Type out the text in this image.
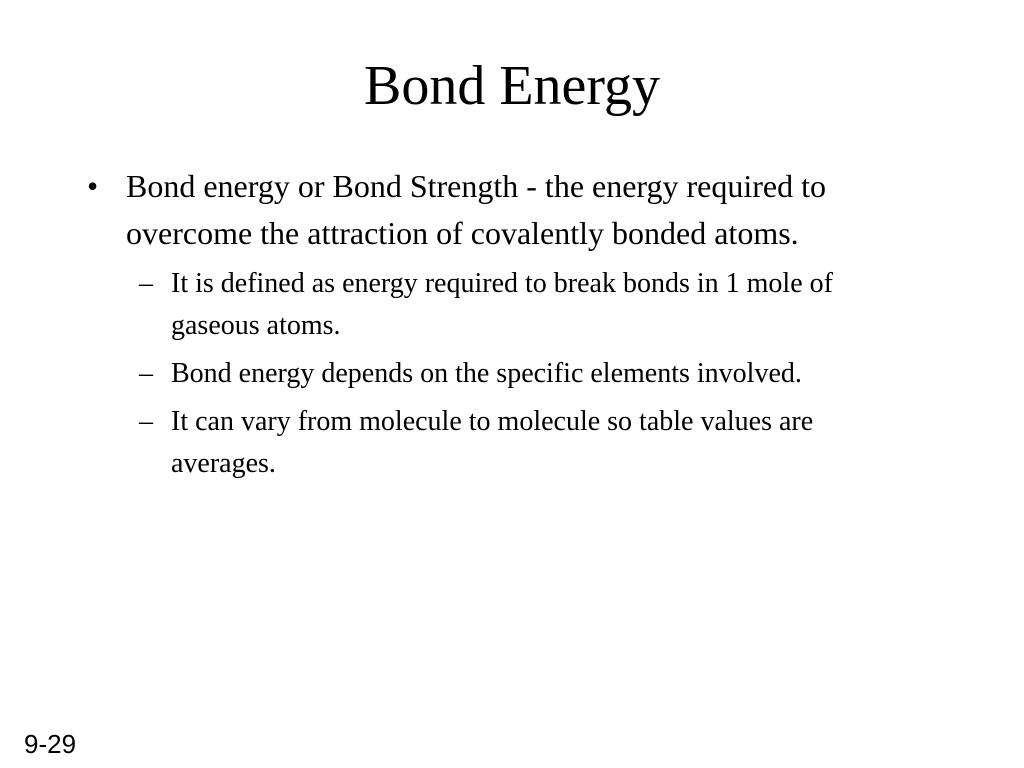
Bond Energy
• Bond energy or Bond Strength - the energy required to overcome the attraction of covalently bonded atoms.
– It is defined as energy required to break bonds in 1 mole of gaseous atoms.
– Bond energy depends on the specific elements involved.
– It can vary from molecule to molecule so table values are averages.
9-29
